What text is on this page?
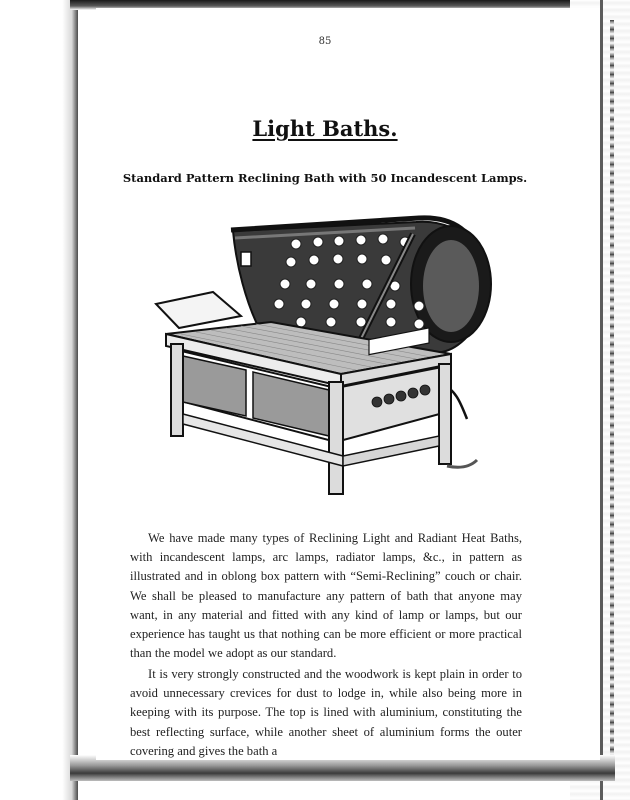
85
Light Baths.
Standard Pattern Reclining Bath with 50 Incandescent Lamps.

We have made many types of Reclining Light and Radiant Heat Baths, with incandescent lamps, arc lamps, radiator lamps, &c., in pattern as illustrated and in oblong box pattern with “Semi-Reclining” couch or chair. We shall be pleased to manufacture any pattern of bath that anyone may want, in any material and fitted with any kind of lamp or lamps, but our experience has taught us that nothing can be more efficient or more practical than the model we adopt as our standard.

It is very strongly constructed and the woodwork is kept plain in order to avoid unnecessary crevices for dust to lodge in, while also being more in keeping with its purpose. The top is lined with aluminium, constituting the best reflecting surface, while another sheet of aluminium forms the outer covering and gives the bath a
